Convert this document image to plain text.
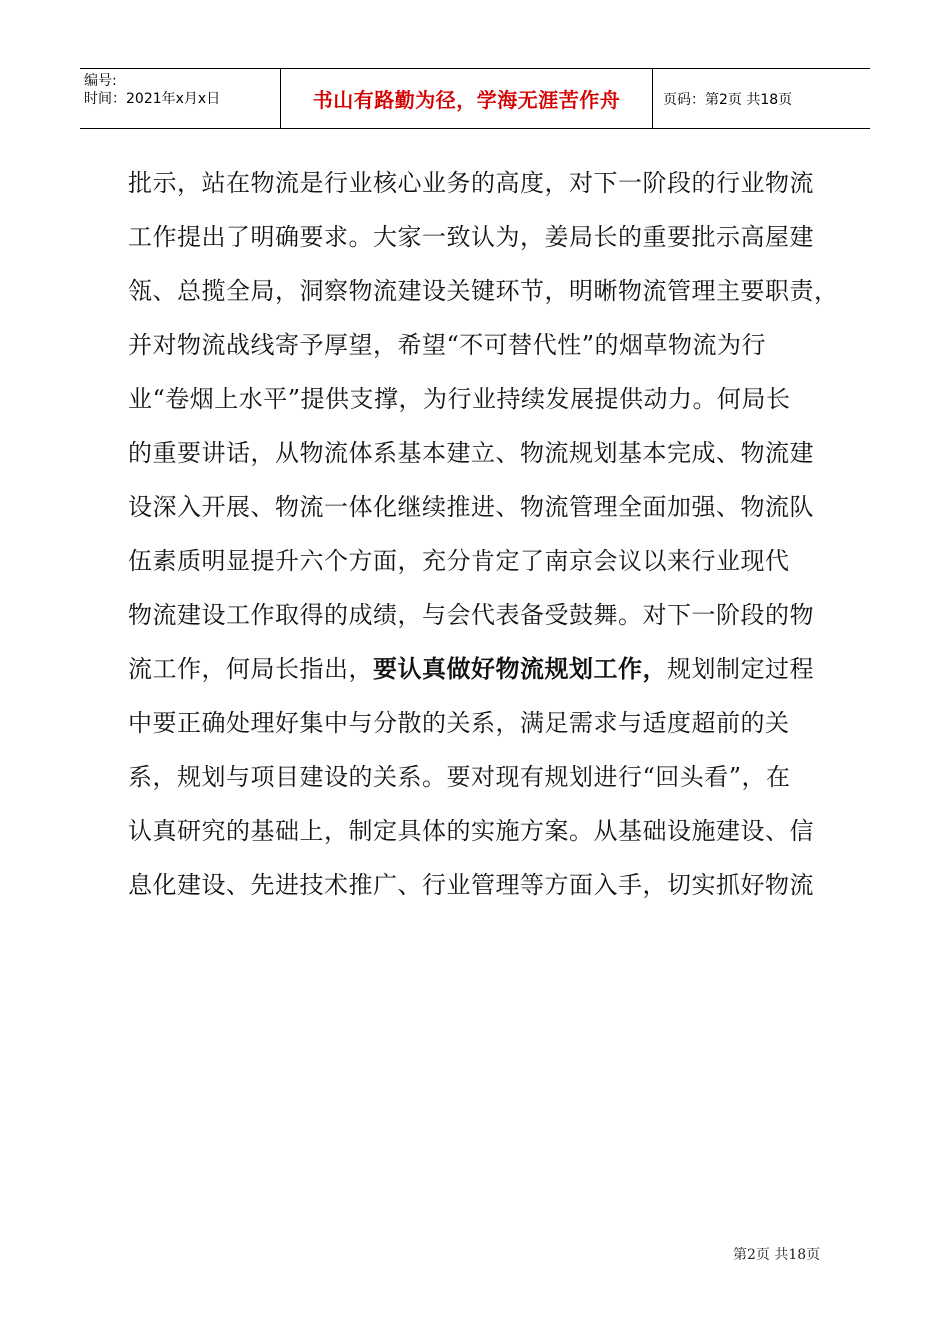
编号:
时间：2021年x月x日	书山有路勤为径，学海无涯苦作舟	页码：第2页 共18页
批示，站在物流是行业核心业务的高度，对下一阶段的行业物流
工作提出了明确要求。大家一致认为，姜局长的重要批示高屋建
瓴、总揽全局，洞察物流建设关键环节，明晰物流管理主要职责，
并对物流战线寄予厚望，希望“不可替代性”的烟草物流为行
业“卷烟上水平”提供支撑，为行业持续发展提供动力。何局长
的重要讲话，从物流体系基本建立、物流规划基本完成、物流建
设深入开展、物流一体化继续推进、物流管理全面加强、物流队
伍素质明显提升六个方面，充分肯定了南京会议以来行业现代
物流建设工作取得的成绩，与会代表备受鼓舞。对下一阶段的物
流工作，何局长指出，要认真做好物流规划工作，规划制定过程
中要正确处理好集中与分散的关系，满足需求与适度超前的关
系，规划与项目建设的关系。要对现有规划进行“回头看”，在
认真研究的基础上，制定具体的实施方案。从基础设施建设、信
息化建设、先进技术推广、行业管理等方面入手，切实抓好物流
第2页 共18页
